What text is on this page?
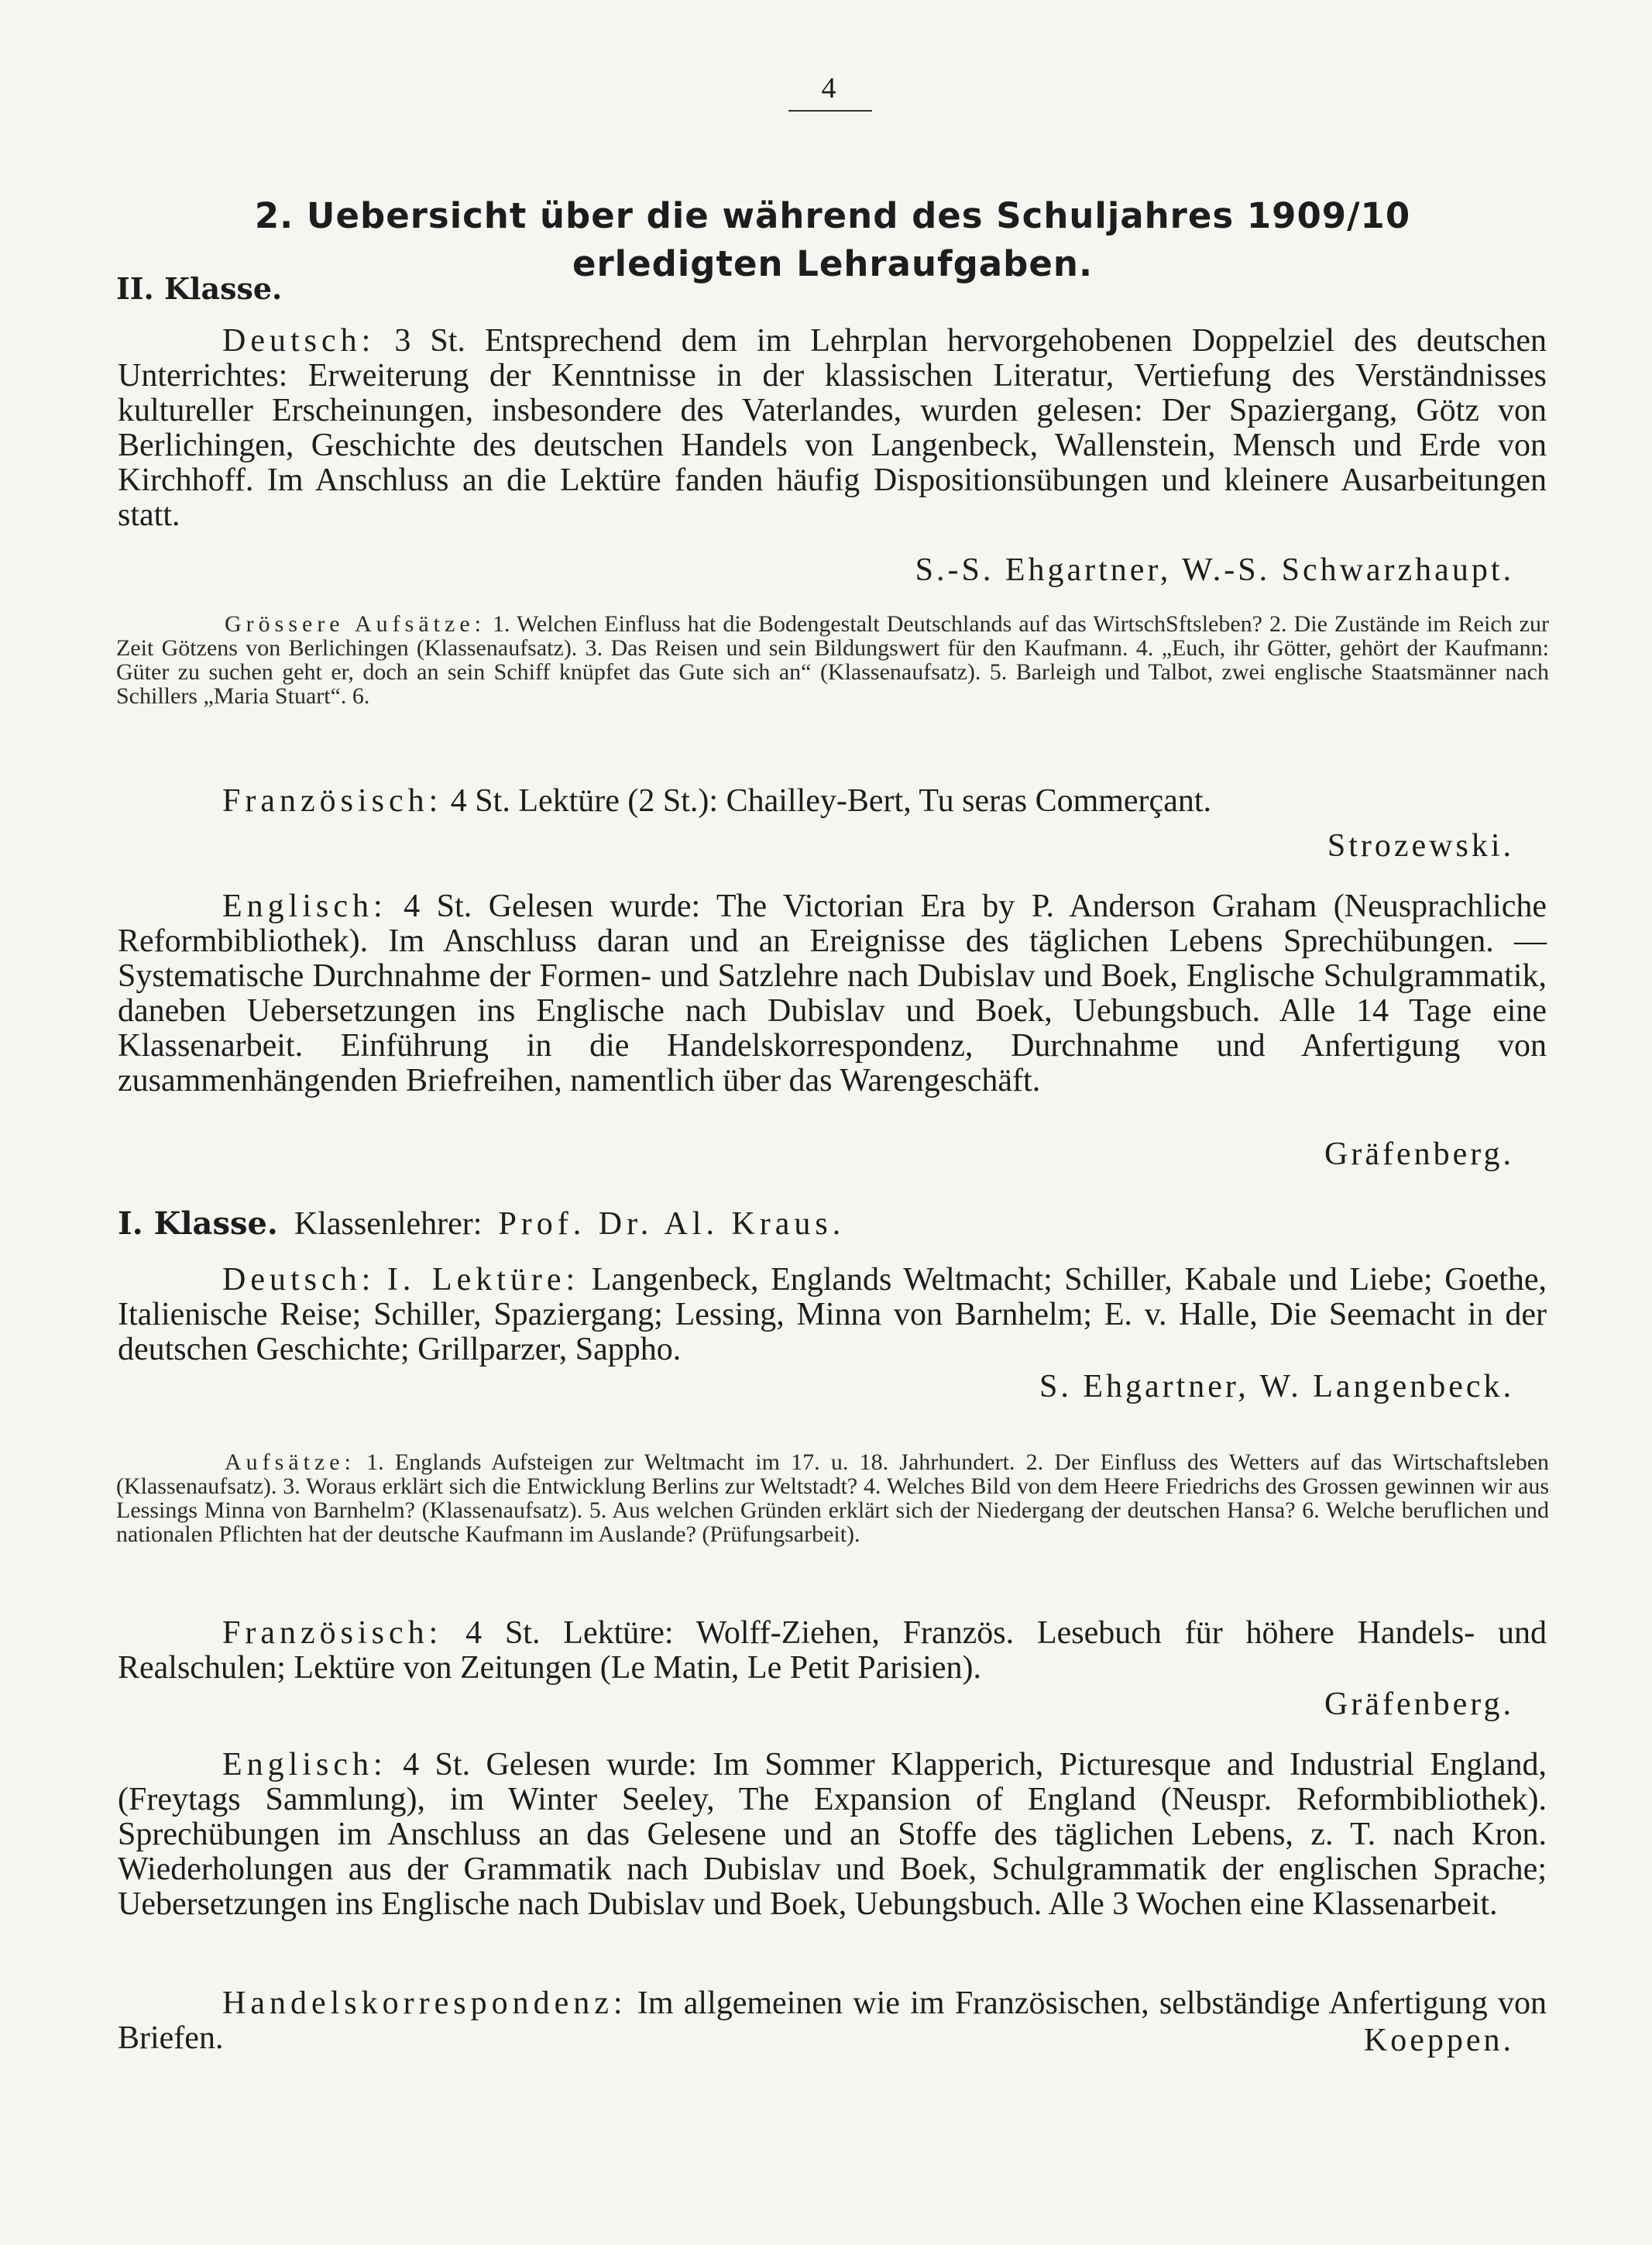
4
2. Uebersicht über die während des Schuljahres 1909/10 erledigten Lehraufgaben.
II. Klasse.
Deutsch: 3 St. Entsprechend dem im Lehrplan hervorgehobenen Doppelziel des deutschen Unterrichtes: Erweiterung der Kenntnisse in der klassischen Literatur, Vertiefung des Verständnisses kultureller Erscheinungen, insbesondere des Vaterlandes, wurden gelesen: Der Spaziergang, Götz von Berlichingen, Geschichte des deutschen Handels von Langenbeck, Wallenstein, Mensch und Erde von Kirchhoff. Im Anschluss an die Lektüre fanden häufig Dispositionsübungen und kleinere Ausarbeitungen statt.
S.-S. Ehgartner, W.-S. Schwarzhaupt.
Grössere Aufsätze: 1. Welchen Einfluss hat die Bodengestalt Deutschlands auf das WirtschSftsleben? 2. Die Zustände im Reich zur Zeit Götzens von Berlichingen (Klassenaufsatz). 3. Das Reisen und sein Bildungswert für den Kaufmann. 4. „Euch, ihr Götter, gehört der Kaufmann: Güter zu suchen geht er, doch an sein Schiff knüpfet das Gute sich an“ (Klassenaufsatz). 5. Barleigh und Talbot, zwei englische Staatsmänner nach Schillers „Maria Stuart“. 6.
Französisch: 4 St. Lektüre (2 St.): Chailley-Bert, Tu seras Commerçant.
Strozewski.
Englisch: 4 St. Gelesen wurde: The Victorian Era by P. Anderson Graham (Neusprachliche Reformbibliothek). Im Anschluss daran und an Ereignisse des täglichen Lebens Sprechübungen. — Systematische Durchnahme der Formen- und Satzlehre nach Dubislav und Boek, Englische Schulgrammatik, daneben Uebersetzungen ins Englische nach Dubislav und Boek, Uebungsbuch. Alle 14 Tage eine Klassenarbeit. Einführung in die Handelskorrespondenz, Durchnahme und Anfertigung von zusammenhängenden Briefreihen, namentlich über das Warengeschäft.
Gräfenberg.
I. Klasse. Klassenlehrer: Prof. Dr. Al. Kraus.
Deutsch: I. Lektüre: Langenbeck, Englands Weltmacht; Schiller, Kabale und Liebe; Goethe, Italienische Reise; Schiller, Spaziergang; Lessing, Minna von Barnhelm; E. v. Halle, Die Seemacht in der deutschen Geschichte; Grillparzer, Sappho.
S. Ehgartner, W. Langenbeck.
Aufsätze: 1. Englands Aufsteigen zur Weltmacht im 17. u. 18. Jahrhundert. 2. Der Einfluss des Wetters auf das Wirtschaftsleben (Klassenaufsatz). 3. Woraus erklärt sich die Entwicklung Berlins zur Weltstadt? 4. Welches Bild von dem Heere Friedrichs des Grossen gewinnen wir aus Lessings Minna von Barnhelm? (Klassenaufsatz). 5. Aus welchen Gründen erklärt sich der Niedergang der deutschen Hansa? 6. Welche beruflichen und nationalen Pflichten hat der deutsche Kaufmann im Auslande? (Prüfungsarbeit).
Französisch: 4 St. Lektüre: Wolff-Ziehen, Französ. Lesebuch für höhere Handels- und Realschulen; Lektüre von Zeitungen (Le Matin, Le Petit Parisien).
Gräfenberg.
Englisch: 4 St. Gelesen wurde: Im Sommer Klapperich, Picturesque and Industrial England, (Freytags Sammlung), im Winter Seeley, The Expansion of England (Neuspr. Reformbibliothek). Sprechübungen im Anschluss an das Gelesene und an Stoffe des täglichen Lebens, z. T. nach Kron. Wiederholungen aus der Grammatik nach Dubislav und Boek, Schulgrammatik der englischen Sprache; Uebersetzungen ins Englische nach Dubislav und Boek, Uebungsbuch. Alle 3 Wochen eine Klassenarbeit.
Handelskorrespondenz: Im allgemeinen wie im Französischen, selbständige Anfertigung von Briefen.	Koeppen.
